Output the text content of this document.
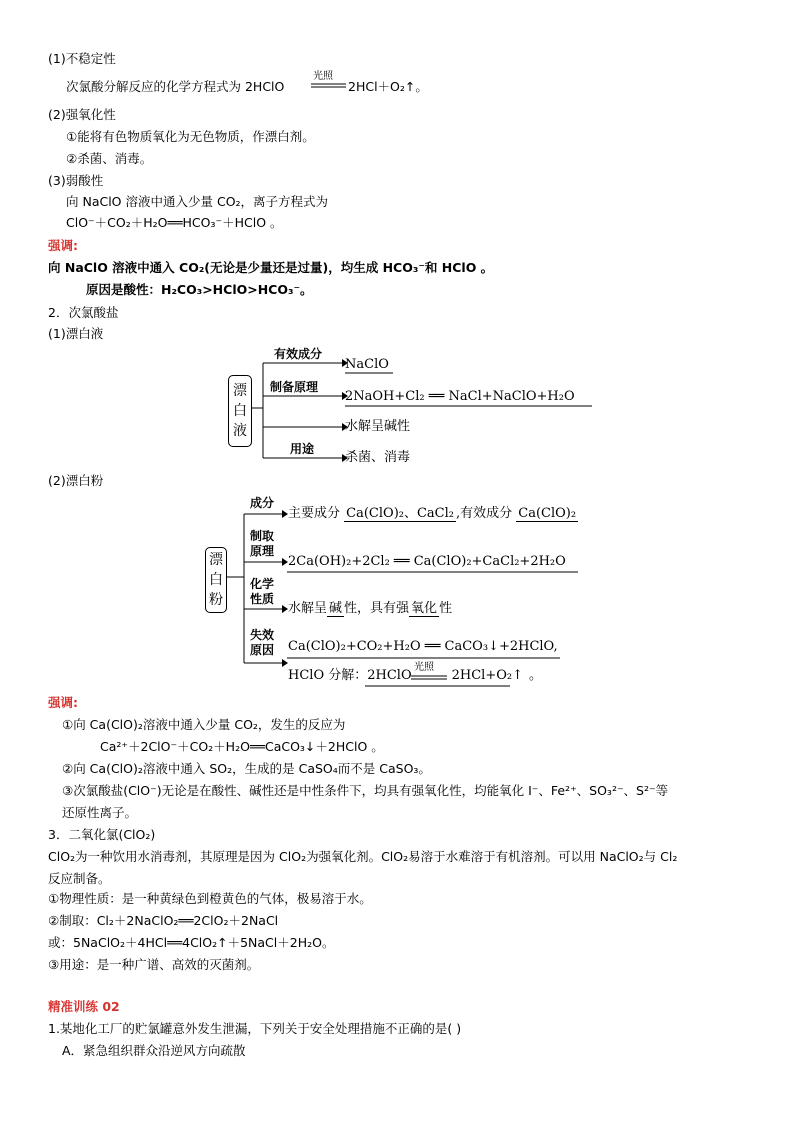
(1)不稳定性
次氯酸分解反应的化学方程式为 2HClO
光照
2HCl＋O₂↑。
(2)强氧化性
①能将有色物质氧化为无色物质，作漂白剂。
②杀菌、消毒。
(3)弱酸性
向 NaClO 溶液中通入少量 CO₂，离子方程式为
ClO⁻＋CO₂＋H₂O══HCO₃⁻＋HClO 。
强调:
向 NaClO 溶液中通入 CO₂(无论是少量还是过量)，均生成 HCO₃⁻和 HClO 。
原因是酸性：H₂CO₃>HClO>HCO₃⁻。
2．次氯酸盐
(1)漂白液
漂
白
液
有效成分
制备原理
用途
NaClO
2NaOH+Cl₂ ══ NaCl+NaClO+H₂O
水解呈碱性
杀菌、消毒
(2)漂白粉
漂
白
粉
成分
制取
原理
化学
性质
失效
原因
主要成分 Ca(ClO)₂、CaCl₂ ,有效成分 Ca(ClO)₂
2Ca(OH)₂+2Cl₂ ══ Ca(ClO)₂+CaCl₂+2H₂O
水解呈 碱 性，具有强 氧化 性
Ca(ClO)₂+CO₂+H₂O ══ CaCO₃↓+2HClO,
HClO 分解：2HClO	2HCl+O₂↑ 。
光照
强调:
①向 Ca(ClO)₂溶液中通入少量 CO₂，发生的反应为
Ca²⁺＋2ClO⁻＋CO₂＋H₂O══CaCO₃↓＋2HClO 。
②向 Ca(ClO)₂溶液中通入 SO₂，生成的是 CaSO₄而不是 CaSO₃。
③次氯酸盐(ClO⁻)无论是在酸性、碱性还是中性条件下，均具有强氧化性，均能氧化 I⁻、Fe²⁺、SO₃²⁻、S²⁻等
还原性离子。
3．二氧化氯(ClO₂)
ClO₂为一种饮用水消毒剂，其原理是因为 ClO₂为强氧化剂。ClO₂易溶于水难溶于有机溶剂。可以用 NaClO₂与 Cl₂
反应制备。
①物理性质：是一种黄绿色到橙黄色的气体，极易溶于水。
②制取：Cl₂＋2NaClO₂══2ClO₂＋2NaCl
或：5NaClO₂＋4HCl══4ClO₂↑＋5NaCl＋2H₂O。
③用途：是一种广谱、高效的灭菌剂。
精准训练 02
1.某地化工厂的贮氯罐意外发生泄漏，下列关于安全处理措施不正确的是( )
A．紧急组织群众沿逆风方向疏散
